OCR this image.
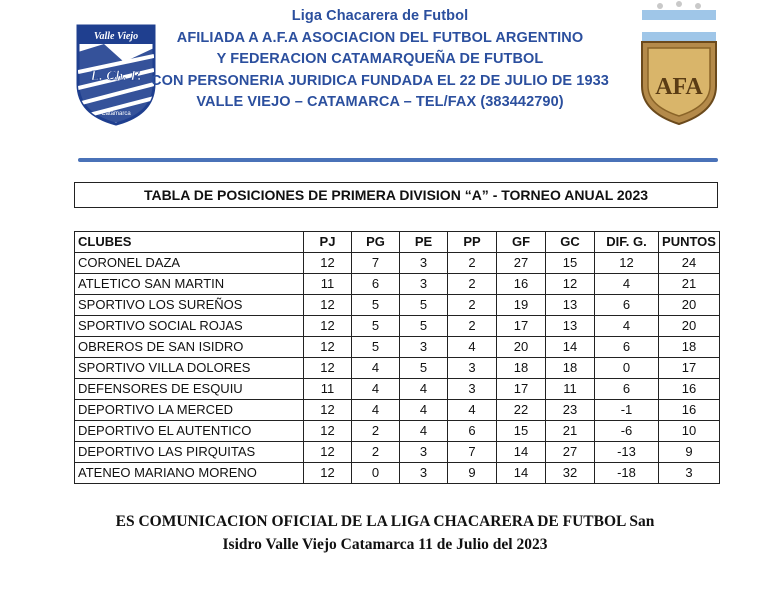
Valle Viejo
L. Ch. F.
Catamarca
Liga Chacarera de Futbol
AFILIADA A A.F.A ASOCIACION DEL FUTBOL ARGENTINO
Y FEDERACION CATAMARQUEÑA DE FUTBOL
CON PERSONERIA JURIDICA FUNDADA EL 22 DE JULIO DE 1933
VALLE VIEJO – CATAMARCA – TEL/FAX (383442790)
AFA
TABLA DE POSICIONES DE PRIMERA DIVISION “A” - TORNEO ANUAL 2023
CLUBES	PJ	PG	PE	PP	GF	GC	DIF. G.	PUNTOS
CORONEL DAZA	12	7	3	2	27	15	12	24
ATLETICO SAN MARTIN	11	6	3	2	16	12	4	21
SPORTIVO LOS SUREÑOS	12	5	5	2	19	13	6	20
SPORTIVO SOCIAL ROJAS	12	5	5	2	17	13	4	20
OBREROS DE SAN ISIDRO	12	5	3	4	20	14	6	18
SPORTIVO VILLA DOLORES	12	4	5	3	18	18	0	17
DEFENSORES DE ESQUIU	11	4	4	3	17	11	6	16
DEPORTIVO LA MERCED	12	4	4	4	22	23	-1	16
DEPORTIVO EL AUTENTICO	12	2	4	6	15	21	-6	10
DEPORTIVO LAS PIRQUITAS	12	2	3	7	14	27	-13	9
ATENEO MARIANO MORENO	12	0	3	9	14	32	-18	3
ES COMUNICACION OFICIAL DE LA LIGA CHACARERA DE FUTBOL San
Isidro Valle Viejo Catamarca 11 de Julio del 2023
